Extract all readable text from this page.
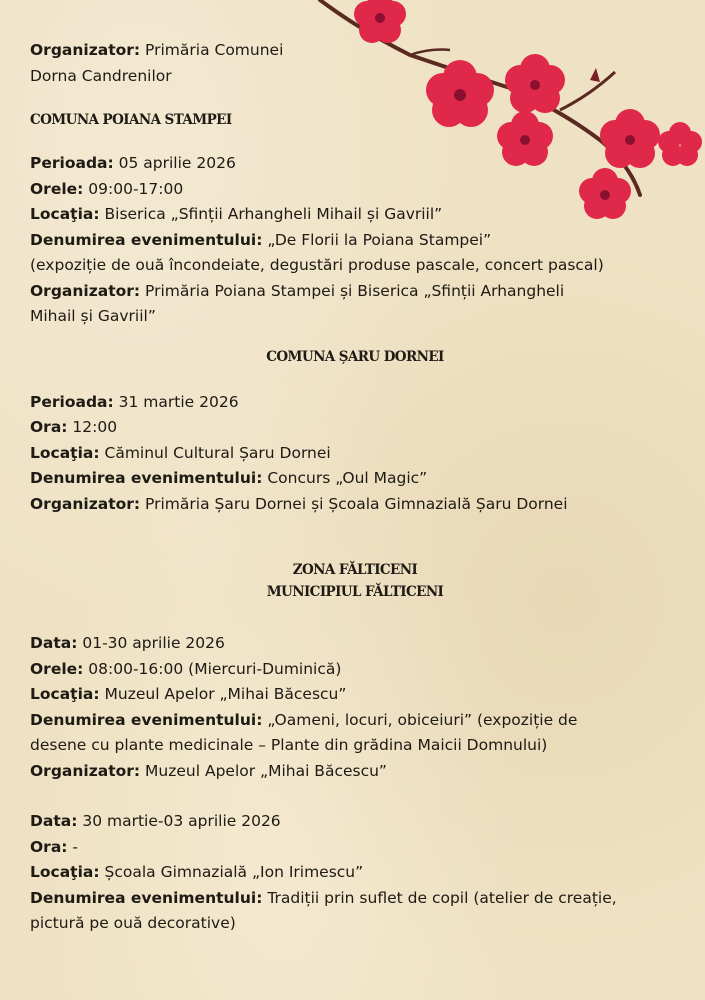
Organizator: Primăria Comunei

Dorna Candrenilor

COMUNA POIANA STAMPEI

Perioada: 05 aprilie 2026

Orele: 09:00-17:00

Locaţia: Biserica „Sfinții Arhangheli Mihail și Gavriil”

Denumirea evenimentului: „De Florii la Poiana Stampei”

(expoziție de ouă încondeiate, degustări produse pascale, concert pascal)

Organizator: Primăria Poiana Stampei și Biserica „Sfinții Arhangheli

Mihail și Gavriil”

COMUNA ȘARU DORNEI

Perioada: 31 martie 2026

Ora: 12:00

Locaţia: Căminul Cultural Șaru Dornei

Denumirea evenimentului: Concurs „Oul Magic”

Organizator: Primăria Șaru Dornei și Școala Gimnazială Șaru Dornei

ZONA FĂLTICENI

MUNICIPIUL FĂLTICENI

Data: 01-30 aprilie 2026

Orele: 08:00-16:00 (Miercuri-Duminică)

Locaţia: Muzeul Apelor „Mihai Băcescu”

Denumirea evenimentului: „Oameni, locuri, obiceiuri” (expoziție de

desene cu plante medicinale – Plante din grădina Maicii Domnului)

Organizator: Muzeul Apelor „Mihai Băcescu”

Data: 30 martie-03 aprilie 2026

Ora: -

Locaţia: Școala Gimnazială „Ion Irimescu”

Denumirea evenimentului: Tradiții prin suflet de copil (atelier de creație,

pictură pe ouă decorative)
